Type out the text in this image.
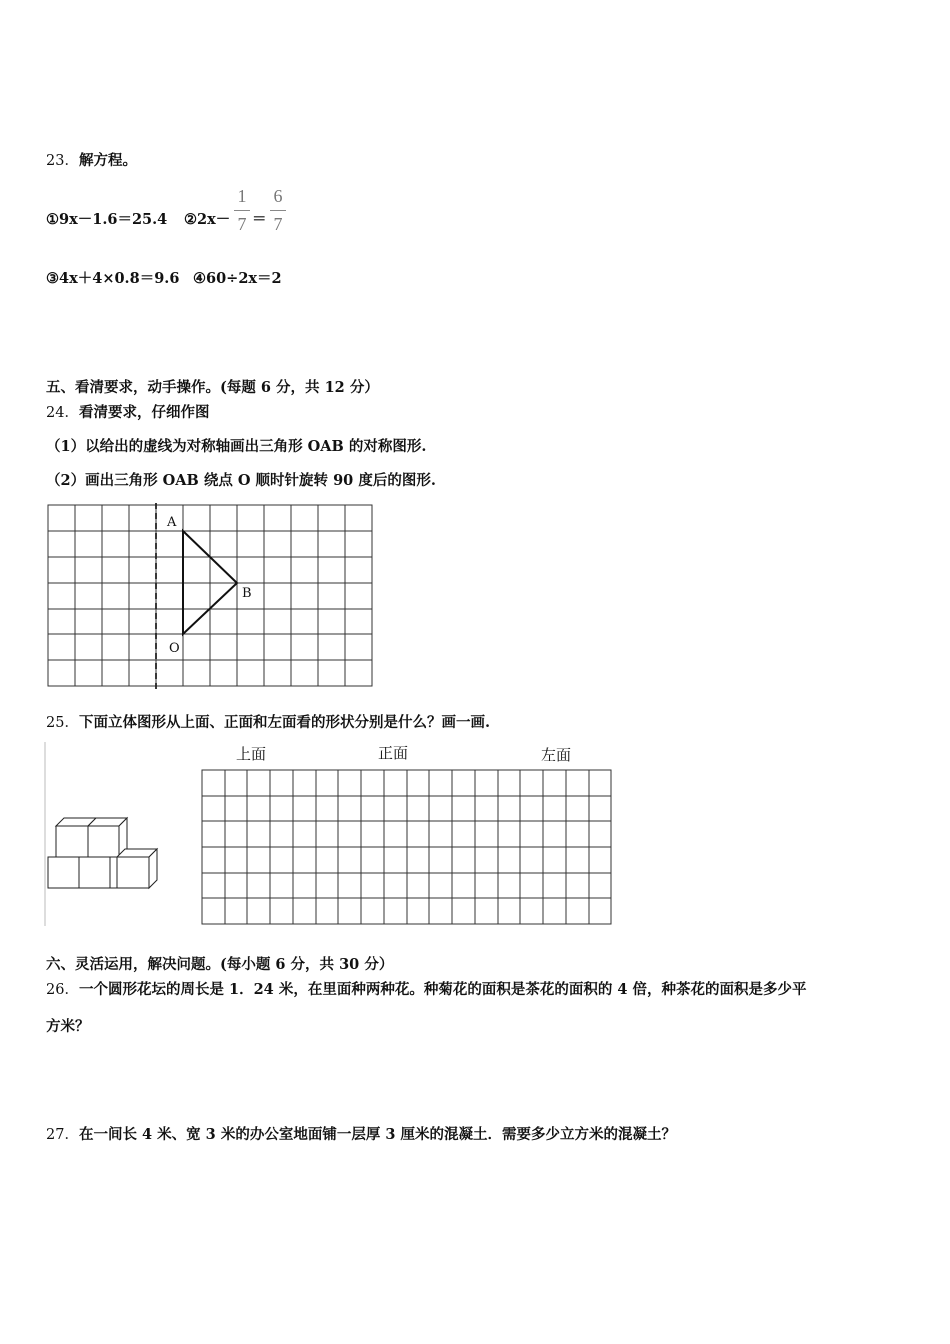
23．解方程。
①9x－1.6＝25.4 ②2x－
1
7 ＝
6
7
③4x＋4×0.8＝9.6 ④60÷2x＝2
五、看清要求，动手操作。(每题 6 分，共 12 分）
24．看清要求，仔细作图
（1）以给出的虚线为对称轴画出三角形 OAB 的对称图形.
（2）画出三角形 OAB 绕点 O 顺时针旋转 90 度后的图形.
A
B
O
25．下面立体图形从上面、正面和左面看的形状分别是什么？画一画.
上面	正面	左面
六、灵活运用，解决问题。(每小题 6 分，共 30 分）
26．一个圆形花坛的周长是 1．24 米，在里面种两种花。种菊花的面积是茶花的面积的 4 倍，种茶花的面积是多少平
方米？
27．在一间长 4 米、宽 3 米的办公室地面铺一层厚 3 厘米的混凝土．需要多少立方米的混凝土？
